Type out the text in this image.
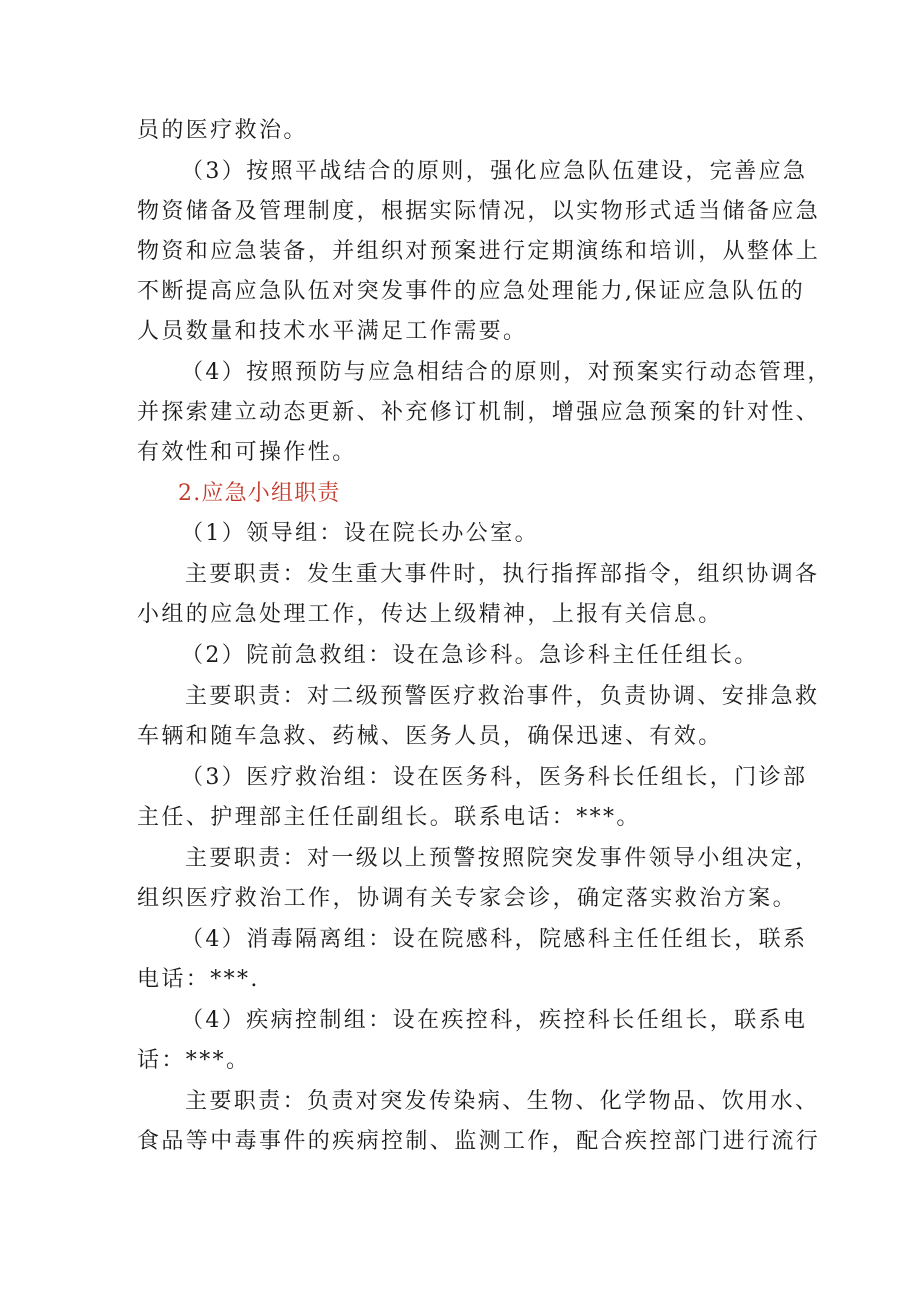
员的医疗救治。
（3）按照平战结合的原则，强化应急队伍建设，完善应急
物资储备及管理制度，根据实际情况，以实物形式适当储备应急
物资和应急装备，并组织对预案进行定期演练和培训，从整体上
不断提高应急队伍对突发事件的应急处理能力,保证应急队伍的
人员数量和技术水平满足工作需要。
（4）按照预防与应急相结合的原则，对预案实行动态管理，
并探索建立动态更新、补充修订机制，增强应急预案的针对性、
有效性和可操作性。
2.应急小组职责
（1）领导组：设在院长办公室。
主要职责：发生重大事件时，执行指挥部指令，组织协调各
小组的应急处理工作，传达上级精神，上报有关信息。
（2）院前急救组：设在急诊科。急诊科主任任组长。
主要职责：对二级预警医疗救治事件，负责协调、安排急救
车辆和随车急救、药械、医务人员，确保迅速、有效。
（3）医疗救治组：设在医务科，医务科长任组长，门诊部
主任、护理部主任任副组长。联系电话：***。
主要职责：对一级以上预警按照院突发事件领导小组决定，
组织医疗救治工作，协调有关专家会诊，确定落实救治方案。
（4）消毒隔离组：设在院感科，院感科主任任组长，联系
电话：***.
（4）疾病控制组：设在疾控科，疾控科长任组长，联系电
话：***。
主要职责：负责对突发传染病、生物、化学物品、饮用水、
食品等中毒事件的疾病控制、监测工作，配合疾控部门进行流行
